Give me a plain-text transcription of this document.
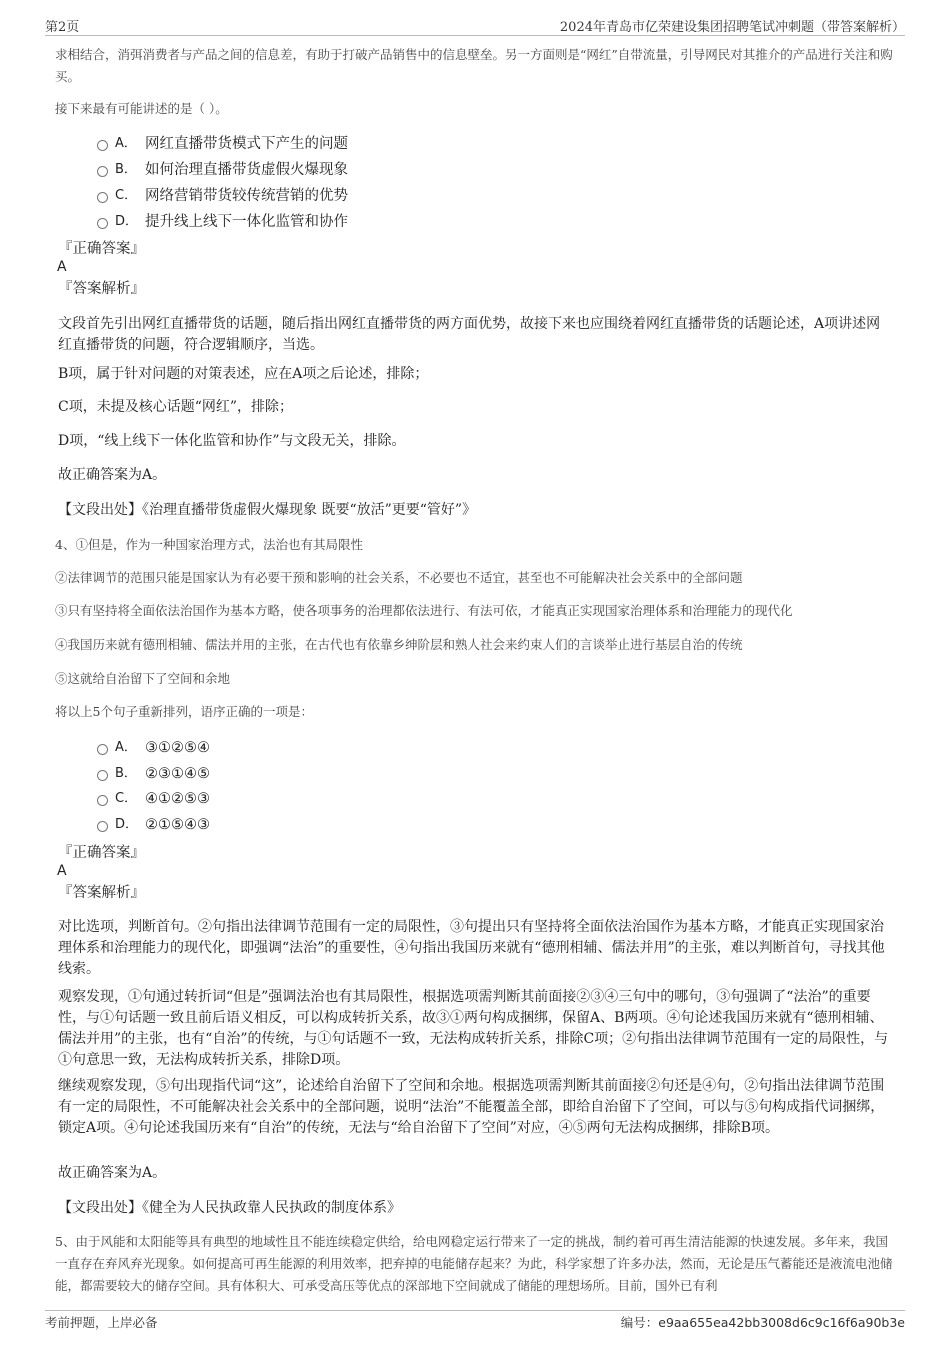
第2页	2024年青岛市亿荣建设集团招聘笔试冲刺题（带答案解析）
求相结合，消弭消费者与产品之间的信息差，有助于打破产品销售中的信息壁垒。另一方面则是“网红”自带流量，引导网民对其推介的产品进行关注和购买。
接下来最有可能讲述的是（ ）。
A． 网红直播带货模式下产生的问题
B． 如何治理直播带货虚假火爆现象
C． 网络营销带货较传统营销的优势
D． 提升线上线下一体化监管和协作
『正确答案』
A
『答案解析』
文段首先引出网红直播带货的话题，随后指出网红直播带货的两方面优势，故接下来也应围绕着网红直播带货的话题论述，A项讲述网红直播带货的问题，符合逻辑顺序，当选。
B项，属于针对问题的对策表述，应在A项之后论述，排除；
C项，未提及核心话题“网红”，排除；
D项，“线上线下一体化监管和协作”与文段无关，排除。
故正确答案为A。
【文段出处】《治理直播带货虚假火爆现象 既要“放活”更要“管好”》
4、①但是，作为一种国家治理方式，法治也有其局限性
②法律调节的范围只能是国家认为有必要干预和影响的社会关系，不必要也不适宜，甚至也不可能解决社会关系中的全部问题
③只有坚持将全面依法治国作为基本方略，使各项事务的治理都依法进行、有法可依，才能真正实现国家治理体系和治理能力的现代化
④我国历来就有德刑相辅、儒法并用的主张，在古代也有依靠乡绅阶层和熟人社会来约束人们的言谈举止进行基层自治的传统
⑤这就给自治留下了空间和余地
将以上5个句子重新排列，语序正确的一项是：
A． ③①②⑤④
B． ②③①④⑤
C． ④①②⑤③
D． ②①⑤④③
『正确答案』
A
『答案解析』
对比选项，判断首句。②句指出法律调节范围有一定的局限性，③句提出只有坚持将全面依法治国作为基本方略，才能真正实现国家治理体系和治理能力的现代化，即强调“法治”的重要性，④句指出我国历来就有“德刑相辅、儒法并用”的主张，难以判断首句，寻找其他线索。
观察发现，①句通过转折词“但是”强调法治也有其局限性，根据选项需判断其前面接②③④三句中的哪句，③句强调了“法治”的重要性，与①句话题一致且前后语义相反，可以构成转折关系，故③①两句构成捆绑，保留A、B两项。④句论述我国历来就有“德刑相辅、儒法并用”的主张，也有“自治”的传统，与①句话题不一致，无法构成转折关系，排除C项；②句指出法律调节范围有一定的局限性，与①句意思一致，无法构成转折关系，排除D项。
继续观察发现，⑤句出现指代词“这”，论述给自治留下了空间和余地。根据选项需判断其前面接②句还是④句，②句指出法律调节范围有一定的局限性，不可能解决社会关系中的全部问题，说明“法治”不能覆盖全部，即给自治留下了空间，可以与⑤句构成指代词捆绑，锁定A项。④句论述我国历来有“自治”的传统，无法与“给自治留下了空间”对应，④⑤两句无法构成捆绑，排除B项。
故正确答案为A。
【文段出处】《健全为人民执政靠人民执政的制度体系》
5、由于风能和太阳能等具有典型的地域性且不能连续稳定供给，给电网稳定运行带来了一定的挑战，制约着可再生清洁能源的快速发展。多年来，我国一直存在弃风弃光现象。如何提高可再生能源的利用效率，把弃掉的电能储存起来？为此，科学家想了许多办法，然而，无论是压气蓄能还是液流电池储能，都需要较大的储存空间。具有体积大、可承受高压等优点的深部地下空间就成了储能的理想场所。目前，国外已有利
考前押题，上岸必备	编号：e9aa655ea42bb3008d6c9c16f6a90b3e
